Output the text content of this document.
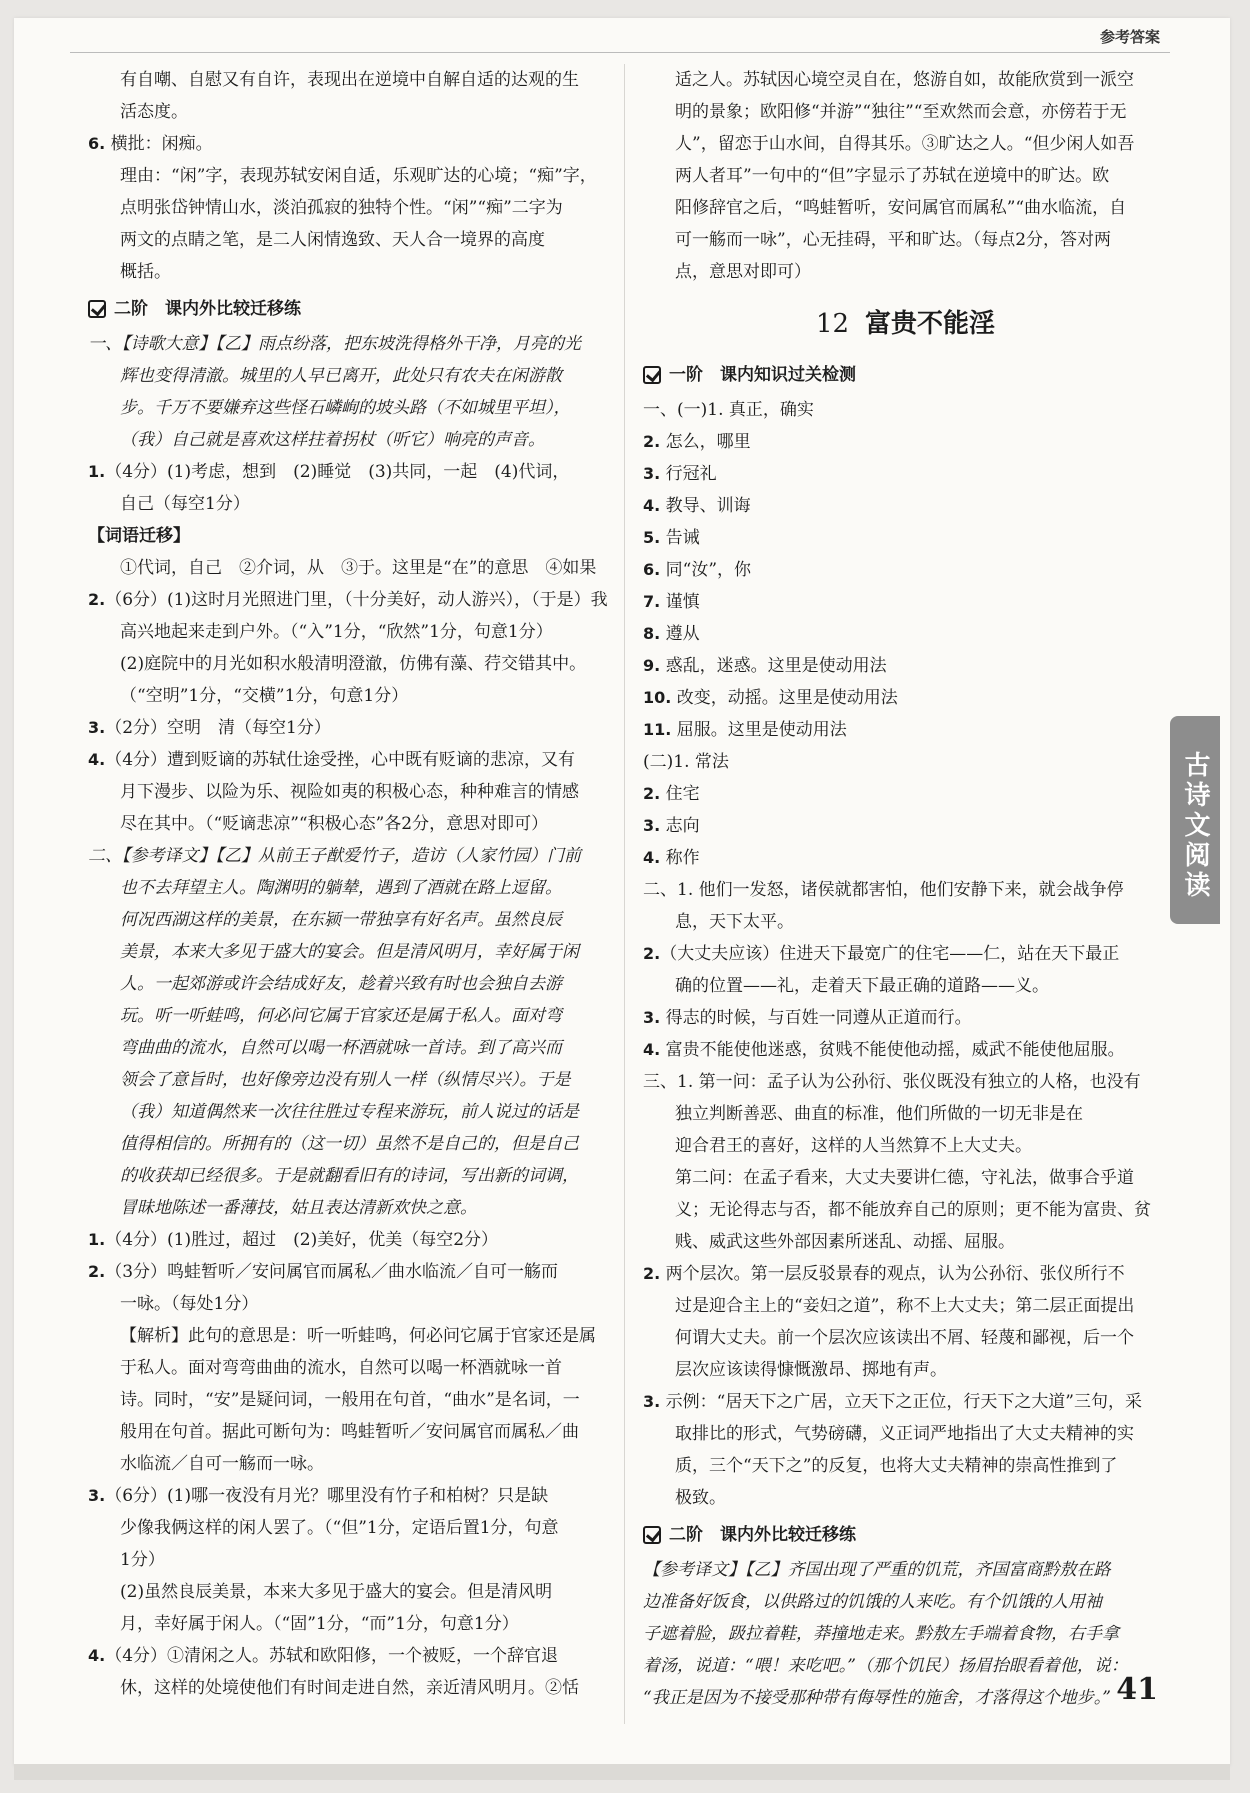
参考答案
有自嘲、自慰又有自许，表现出在逆境中自解自适的达观的生
活态度。
6. 横批：闲痴。
理由：“闲”字，表现苏轼安闲自适，乐观旷达的心境；“痴”字，
点明张岱钟情山水，淡泊孤寂的独特个性。“闲”“痴”二字为
两文的点睛之笔，是二人闲情逸致、天人合一境界的高度
概括。
二阶　课内外比较迁移练
一、【诗歌大意】【乙】雨点纷落，把东坡洗得格外干净，月亮的光
辉也变得清澈。城里的人早已离开，此处只有农夫在闲游散
步。千万不要嫌弃这些怪石嶙峋的坡头路（不如城里平坦），
（我）自己就是喜欢这样拄着拐杖（听它）响亮的声音。
1.（4分）(1)考虑，想到　(2)睡觉　(3)共同，一起　(4)代词，
自己（每空1分）
【词语迁移】
①代词，自己　②介词，从　③于。这里是“在”的意思　④如果
2.（6分）(1)这时月光照进门里，（十分美好，动人游兴），（于是）我
高兴地起来走到户外。（“入”1分，“欣然”1分，句意1分）
(2)庭院中的月光如积水般清明澄澈，仿佛有藻、荇交错其中。
（“空明”1分，“交横”1分，句意1分）
3.（2分）空明　清（每空1分）
4.（4分）遭到贬谪的苏轼仕途受挫，心中既有贬谪的悲凉，又有
月下漫步、以险为乐、视险如夷的积极心态，种种难言的情感
尽在其中。（“贬谪悲凉”“积极心态”各2分，意思对即可）
二、【参考译文】【乙】从前王子猷爱竹子，造访（人家竹园）门前
也不去拜望主人。陶渊明的躺辇，遇到了酒就在路上逗留。
何况西湖这样的美景，在东颍一带独享有好名声。虽然良辰
美景，本来大多见于盛大的宴会。但是清风明月，幸好属于闲
人。一起郊游或许会结成好友，趁着兴致有时也会独自去游
玩。听一听蛙鸣，何必问它属于官家还是属于私人。面对弯
弯曲曲的流水，自然可以喝一杯酒就咏一首诗。到了高兴而
领会了意旨时，也好像旁边没有别人一样（纵情尽兴）。于是
（我）知道偶然来一次往往胜过专程来游玩，前人说过的话是
值得相信的。所拥有的（这一切）虽然不是自己的，但是自己
的收获却已经很多。于是就翻看旧有的诗词，写出新的词调，
冒昧地陈述一番薄技，姑且表达清新欢快之意。
1.（4分）(1)胜过，超过　(2)美好，优美（每空2分）
2.（3分）鸣蛙暂听／安问属官而属私／曲水临流／自可一觞而
一咏。（每处1分）
【解析】此句的意思是：听一听蛙鸣，何必问它属于官家还是属
于私人。面对弯弯曲曲的流水，自然可以喝一杯酒就咏一首
诗。同时，“安”是疑问词，一般用在句首，“曲水”是名词，一
般用在句首。据此可断句为：鸣蛙暂听／安问属官而属私／曲
水临流／自可一觞而一咏。
3.（6分）(1)哪一夜没有月光？哪里没有竹子和柏树？只是缺
少像我俩这样的闲人罢了。（“但”1分，定语后置1分，句意
1分）
(2)虽然良辰美景，本来大多见于盛大的宴会。但是清风明
月，幸好属于闲人。（“固”1分，“而”1分，句意1分）
4.（4分）①清闲之人。苏轼和欧阳修，一个被贬，一个辞官退
休，这样的处境使他们有时间走进自然，亲近清风明月。②恬
适之人。苏轼因心境空灵自在，悠游自如，故能欣赏到一派空
明的景象；欧阳修“并游”“独往”“至欢然而会意，亦傍若于无
人”，留恋于山水间，自得其乐。③旷达之人。“但少闲人如吾
两人者耳”一句中的“但”字显示了苏轼在逆境中的旷达。欧
阳修辞官之后，“鸣蛙暂听，安问属官而属私”“曲水临流，自
可一觞而一咏”，心无挂碍，平和旷达。（每点2分，答对两
点，意思对即可）
12 富贵不能淫
一阶　课内知识过关检测
一、(一)1. 真正，确实
2. 怎么，哪里
3. 行冠礼
4. 教导、训诲
5. 告诫
6. 同“汝”，你
7. 谨慎
8. 遵从
9. 惑乱，迷惑。这里是使动用法
10. 改变，动摇。这里是使动用法
11. 屈服。这里是使动用法
(二)1. 常法
2. 住宅
3. 志向
4. 称作
二、1. 他们一发怒，诸侯就都害怕，他们安静下来，就会战争停
息，天下太平。
2.（大丈夫应该）住进天下最宽广的住宅——仁，站在天下最正
确的位置——礼，走着天下最正确的道路——义。
3. 得志的时候，与百姓一同遵从正道而行。
4. 富贵不能使他迷惑，贫贱不能使他动摇，威武不能使他屈服。
三、1. 第一问：孟子认为公孙衍、张仪既没有独立的人格，也没有
独立判断善恶、曲直的标准，他们所做的一切无非是在
迎合君王的喜好，这样的人当然算不上大丈夫。
第二问：在孟子看来，大丈夫要讲仁德，守礼法，做事合乎道
义；无论得志与否，都不能放弃自己的原则；更不能为富贵、贫
贱、威武这些外部因素所迷乱、动摇、屈服。
2. 两个层次。第一层反驳景春的观点，认为公孙衍、张仪所行不
过是迎合主上的“妾妇之道”，称不上大丈夫；第二层正面提出
何谓大丈夫。前一个层次应该读出不屑、轻蔑和鄙视，后一个
层次应该读得慷慨激昂、掷地有声。
3. 示例：“居天下之广居，立天下之正位，行天下之大道”三句，采
取排比的形式，气势磅礴，义正词严地指出了大丈夫精神的实
质，三个“天下之”的反复，也将大丈夫精神的崇高性推到了
极致。
二阶　课内外比较迁移练
【参考译文】【乙】齐国出现了严重的饥荒，齐国富商黔敖在路
边准备好饭食，以供路过的饥饿的人来吃。有个饥饿的人用袖
子遮着脸，趿拉着鞋，莽撞地走来。黔敖左手端着食物，右手拿
着汤，说道：“喂！来吃吧。”（那个饥民）扬眉抬眼看着他，说：
“我正是因为不接受那种带有侮辱性的施舍，才落得这个地步。”
古诗文阅读
41
